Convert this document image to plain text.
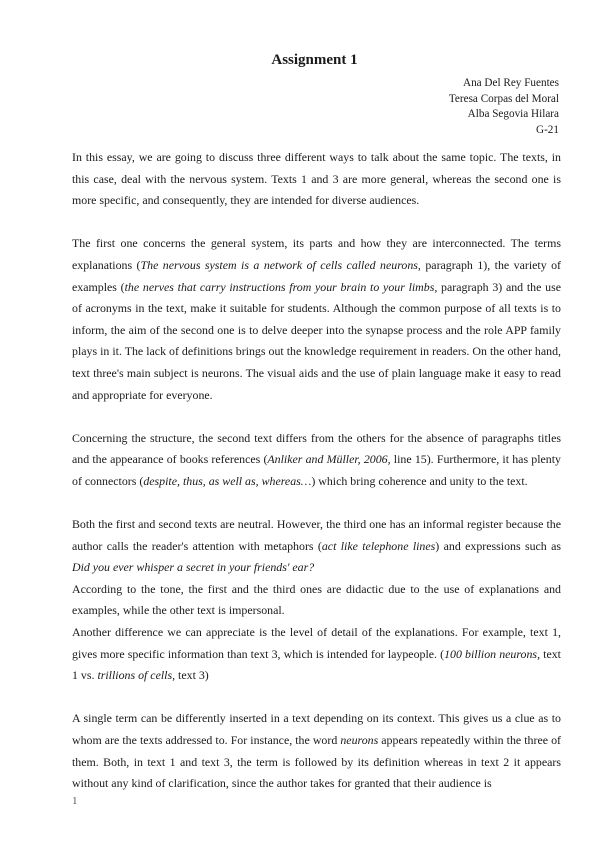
Assignment 1
Ana Del Rey Fuentes
Teresa Corpas del Moral
Alba Segovia Hilara
G-21

In this essay, we are going to discuss three different ways to talk about the same topic. The texts, in this case, deal with the nervous system. Texts 1 and 3 are more general, whereas the second one is more specific, and consequently, they are intended for diverse audiences.

The first one concerns the general system, its parts and how they are interconnected. The terms explanations (The nervous system is a network of cells called neurons, paragraph 1), the variety of examples (the nerves that carry instructions from your brain to your limbs, paragraph 3) and the use of acronyms in the text, make it suitable for students. Although the common purpose of all texts is to inform, the aim of the second one is to delve deeper into the synapse process and the role APP family plays in it. The lack of definitions brings out the knowledge requirement in readers. On the other hand, text three's main subject is neurons. The visual aids and the use of plain language make it easy to read and appropriate for everyone.

Concerning the structure, the second text differs from the others for the absence of paragraphs titles and the appearance of books references (Anliker and Müller, 2006, line 15). Furthermore, it has plenty of connectors (despite, thus, as well as, whereas…) which bring coherence and unity to the text.

Both the first and second texts are neutral. However, the third one has an informal register because the author calls the reader's attention with metaphors (act like telephone lines) and expressions such as Did you ever whisper a secret in your friends' ear?

According to the tone, the first and the third ones are didactic due to the use of explanations and examples, while the other text is impersonal.

Another difference we can appreciate is the level of detail of the explanations. For example, text 1, gives more specific information than text 3, which is intended for laypeople. (100 billion neurons, text 1 vs. trillions of cells, text 3)

A single term can be differently inserted in a text depending on its context. This gives us a clue as to whom are the texts addressed to. For instance, the word neurons appears repeatedly within the three of them. Both, in text 1 and text 3, the term is followed by its definition whereas in text 2 it appears without any kind of clarification, since the author takes for granted that their audience is

1
